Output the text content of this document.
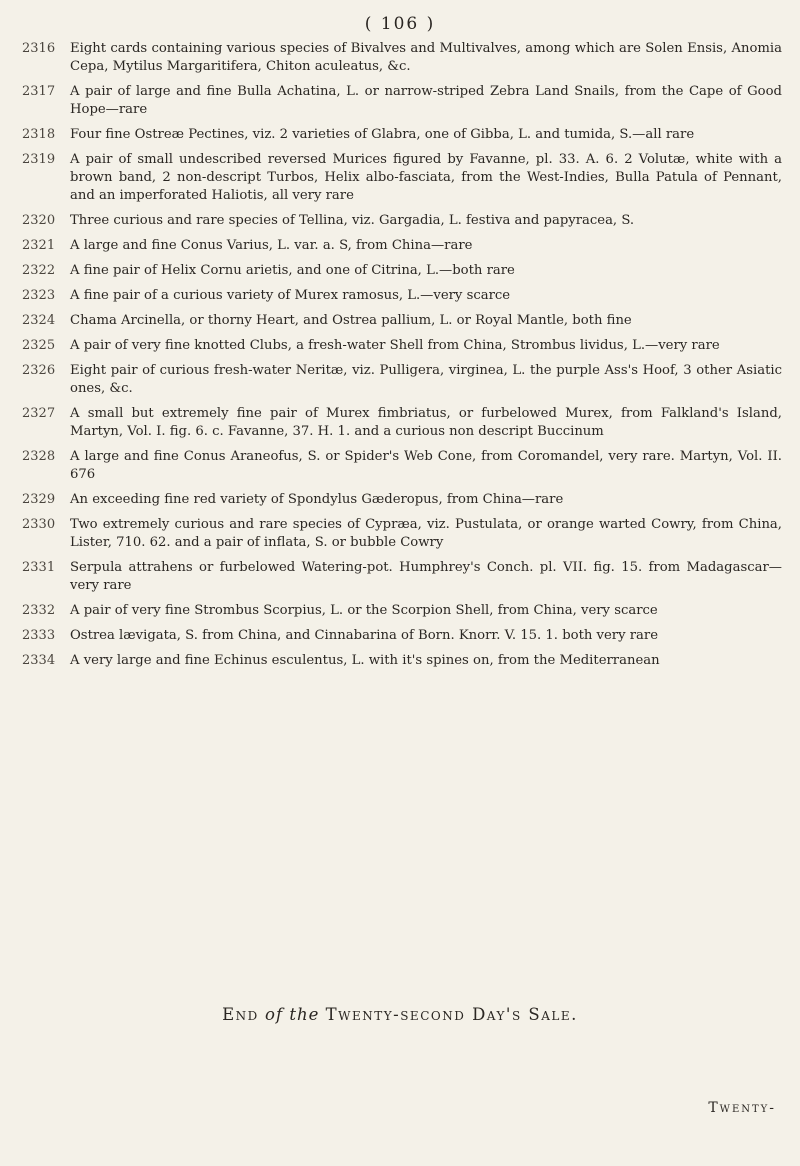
( 106 )
2316	Eight cards containing various species of Bivalves and Multivalves, among which are Solen Ensis, Anomia Cepa, Mytilus Margaritifera, Chiton aculeatus, &c.
2317	A pair of large and fine Bulla Achatina, L. or narrow-striped Zebra Land Snails, from the Cape of Good Hope—rare
2318	Four fine Ostreæ Pectines, viz. 2 varieties of Glabra, one of Gibba, L. and tumida, S.—all rare
2319	A pair of small undescribed reversed Murices figured by Favanne, pl. 33. A. 6. 2 Volutæ, white with a brown band, 2 non-descript Turbos, Helix albo-fasciata, from the West-Indies, Bulla Patula of Pennant, and an imperforated Haliotis, all very rare
2320	Three curious and rare species of Tellina, viz. Gargadia, L. festiva and papyracea, S.
2321	A large and fine Conus Varius, L. var. a. S, from China—rare
2322	A fine pair of Helix Cornu arietis, and one of Citrina, L.—both rare
2323	A fine pair of a curious variety of Murex ramosus, L.—very scarce
2324	Chama Arcinella, or thorny Heart, and Ostrea pallium, L. or Royal Mantle, both fine
2325	A pair of very fine knotted Clubs, a fresh-water Shell from China, Strombus lividus, L.—very rare
2326	Eight pair of curious fresh-water Neritæ, viz. Pulligera, virginea, L. the purple Ass's Hoof, 3 other Asiatic ones, &c.
2327	A small but extremely fine pair of Murex fimbriatus, or furbelowed Murex, from Falkland's Island, Martyn, Vol. I. fig. 6. c. Favanne, 37. H. 1. and a curious non descript Buccinum
2328	A large and fine Conus Araneofus, S. or Spider's Web Cone, from Coromandel, very rare. Martyn, Vol. II. 676
2329	An exceeding fine red variety of Spondylus Gæderopus, from China—rare
2330	Two extremely curious and rare species of Cypræa, viz. Pustulata, or orange warted Cowry, from China, Lister, 710. 62. and a pair of inflata, S. or bubble Cowry
2331	Serpula attrahens or furbelowed Watering-pot. Humphrey's Conch. pl. VII. fig. 15. from Madagascar—very rare
2332	A pair of very fine Strombus Scorpius, L. or the Scorpion Shell, from China, very scarce
2333	Ostrea lævigata, S. from China, and Cinnabarina of Born. Knorr. V. 15. 1. both very rare
2334	A very large and fine Echinus esculentus, L. with it's spines on, from the Mediterranean
End of the Twenty-second Day's Sale.
Twenty-
